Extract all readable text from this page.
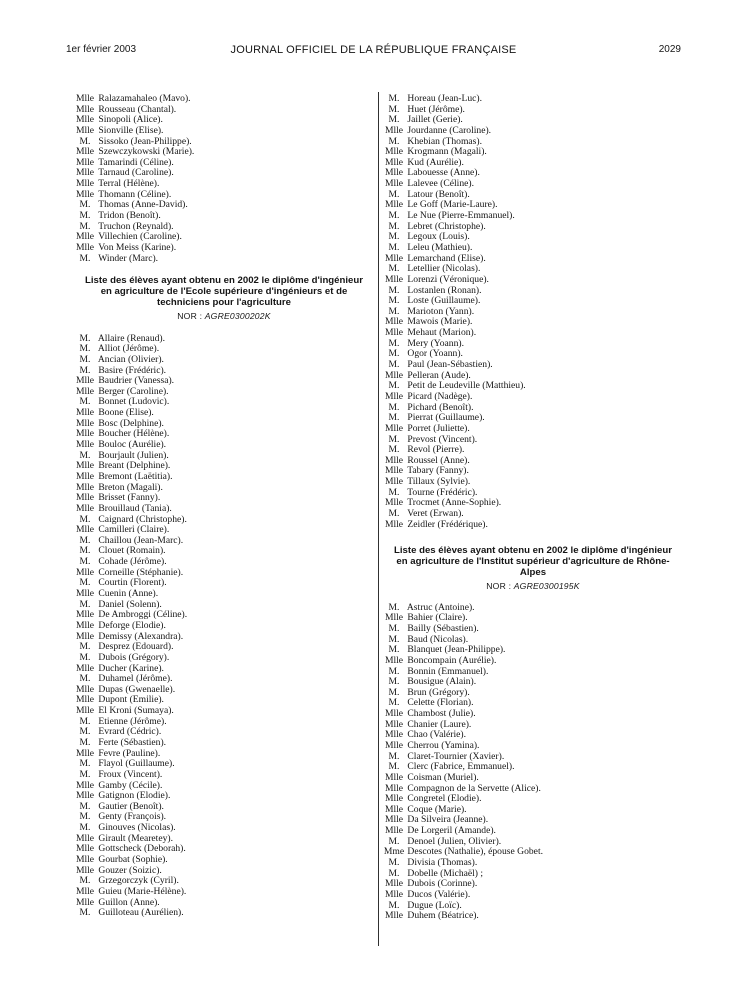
1er février 2003	JOURNAL OFFICIEL DE LA RÉPUBLIQUE FRANÇAISE	2029
Mlle Ralazamahaleo (Mavo).
Mlle Rousseau (Chantal).
Mlle Sinopoli (Alice).
Mlle Sionville (Elise).
M. Sissoko (Jean-Philippe).
Mlle Szewczykowski (Marie).
Mlle Tamarindi (Céline).
Mlle Tarnaud (Caroline).
Mlle Terral (Hélène).
Mlle Thomann (Céline).
M. Thomas (Anne-David).
M. Tridon (Benoît).
M. Truchon (Reynald).
Mlle Villechien (Caroline).
Mlle Von Meiss (Karine).
M. Winder (Marc).

Liste des élèves ayant obtenu en 2002 le diplôme d'ingénieur en agriculture de l'Ecole supérieure d'ingénieurs et de techniciens pour l'agriculture

NOR : AGRE0300202K

M. Allaire (Renaud).
M. Alliot (Jérôme).
M. Ancian (Olivier).
M. Basire (Frédéric).
Mlle Baudrier (Vanessa).
Mlle Berger (Caroline).
M. Bonnet (Ludovic).
Mlle Boone (Elise).
Mlle Bosc (Delphine).
Mlle Boucher (Hélène).
Mlle Bouloc (Aurélie).
M. Bourjault (Julien).
Mlle Breant (Delphine).
Mlle Bremont (Laëtitia).
Mlle Breton (Magali).
Mlle Brisset (Fanny).
Mlle Brouillaud (Tania).
M. Caignard (Christophe).
Mlle Camilleri (Claire).
M. Chaillou (Jean-Marc).
M. Clouet (Romain).
M. Cohade (Jérôme).
Mlle Corneille (Stéphanie).
M. Courtin (Florent).
Mlle Cuenin (Anne).
M. Daniel (Solenn).
Mlle De Ambroggi (Céline).
Mlle Deforge (Elodie).
Mlle Demissy (Alexandra).
M. Desprez (Edouard).
M. Dubois (Grégory).
Mlle Ducher (Karine).
M. Duhamel (Jérôme).
Mlle Dupas (Gwenaelle).
Mlle Dupont (Emilie).
Mlle El Kroni (Sumaya).
M. Etienne (Jérôme).
M. Evrard (Cédric).
M. Ferte (Sébastien).
Mlle Fevre (Pauline).
M. Flayol (Guillaume).
M. Froux (Vincent).
Mlle Gamby (Cécile).
Mlle Gatignon (Elodie).
M. Gautier (Benoît).
M. Genty (François).
M. Ginouves (Nicolas).
Mlle Girault (Mearetey).
Mlle Gottscheck (Deborah).
Mlle Gourbat (Sophie).
Mlle Gouzer (Soizic).
M. Grzegorczyk (Cyril).
Mlle Guieu (Marie-Hélène).
Mlle Guillon (Anne).
M. Guilloteau (Aurélien).
M. Horeau (Jean-Luc).
M. Huet (Jérôme).
M. Jaillet (Gerie).
Mlle Jourdanne (Caroline).
M. Khebian (Thomas).
Mlle Krogmann (Magali).
Mlle Kud (Aurélie).
Mlle Labouesse (Anne).
Mlle Lalevee (Céline).
M. Latour (Benoît).
Mlle Le Goff (Marie-Laure).
M. Le Nue (Pierre-Emmanuel).
M. Lebret (Christophe).
M. Legoux (Louis).
M. Leleu (Mathieu).
Mlle Lemarchand (Elise).
M. Letellier (Nicolas).
Mlle Lorenzi (Véronique).
M. Lostanlen (Ronan).
M. Loste (Guillaume).
M. Marioton (Yann).
Mlle Mawois (Marie).
Mlle Mehaut (Marion).
M. Mery (Yoann).
M. Ogor (Yoann).
M. Paul (Jean-Sébastien).
Mlle Pelleran (Aude).
M. Petit de Leudeville (Matthieu).
Mlle Picard (Nadège).
M. Pichard (Benoît).
M. Pierrat (Guillaume).
Mlle Porret (Juliette).
M. Prevost (Vincent).
M. Revol (Pierre).
Mlle Roussel (Anne).
Mlle Tabary (Fanny).
Mlle Tillaux (Sylvie).
M. Tourne (Frédéric).
Mlle Trocmet (Anne-Sophie).
M. Veret (Erwan).
Mlle Zeidler (Frédérique).

Liste des élèves ayant obtenu en 2002 le diplôme d'ingénieur en agriculture de l'Institut supérieur d'agriculture de Rhône-Alpes

NOR : AGRE0300195K

M. Astruc (Antoine).
Mlle Bahier (Claire).
M. Bailly (Sébastien).
M. Baud (Nicolas).
M. Blanquet (Jean-Philippe).
Mlle Boncompain (Aurélie).
M. Bonnin (Emmanuel).
M. Bousigue (Alain).
M. Brun (Grégory).
M. Celette (Florian).
Mlle Chambost (Julie).
Mlle Chanier (Laure).
Mlle Chao (Valérie).
Mlle Cherrou (Yamina).
M. Claret-Tournier (Xavier).
M. Clerc (Fabrice, Emmanuel).
Mlle Coisman (Muriel).
Mlle Compagnon de la Servette (Alice).
Mlle Congretel (Elodie).
Mlle Coque (Marie).
Mlle Da Silveira (Jeanne).
Mlle De Lorgeril (Amande).
M. Denoel (Julien, Olivier).
Mme Descotes (Nathalie), épouse Gobet.
M. Divisia (Thomas).
M. Dobelle (Michaël) ;
Mlle Dubois (Corinne).
Mlle Ducos (Valérie).
M. Dugue (Loïc).
Mlle Duhem (Béatrice).
